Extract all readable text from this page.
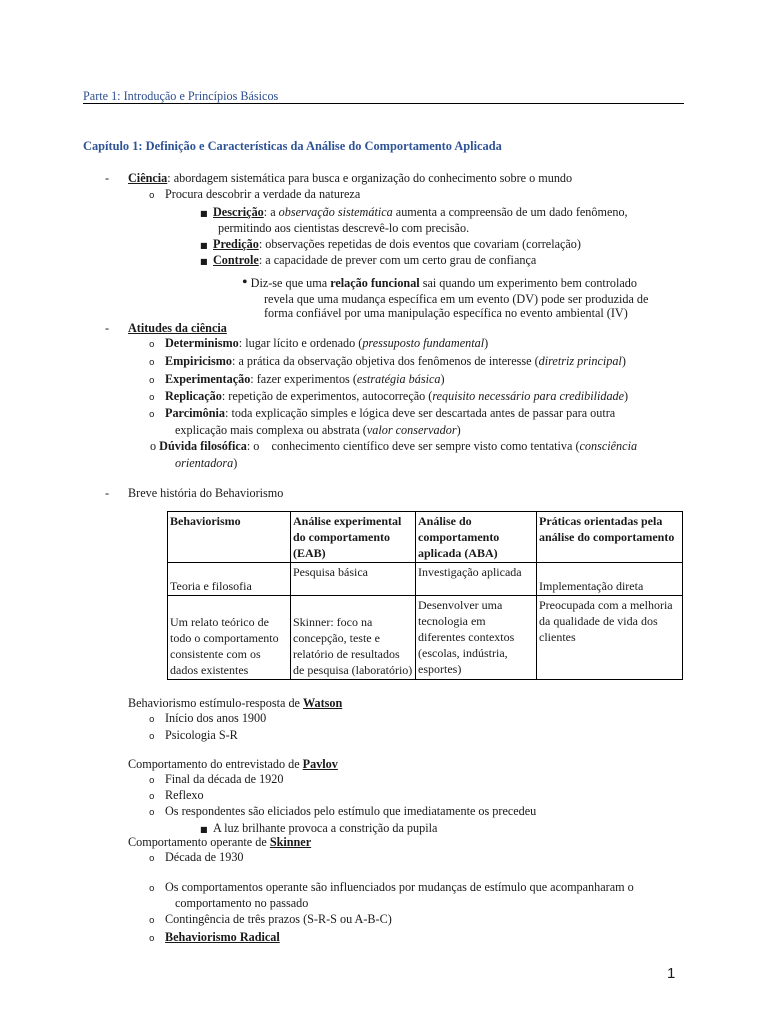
Parte 1: Introdução e Princípios Básicos
Capítulo 1: Definição e Características da Análise do Comportamento Aplicada
- Ciência: abordagem sistemática para busca e organização do conhecimento sobre o mundo
o Procura descobrir a verdade da natureza
■ Descrição: a observação sistemática aumenta a compreensão de um dado fenômeno,
permitindo aos cientistas descrevê-lo com precisão.
■ Predição: observações repetidas de dois eventos que covariam (correlação)
■ Controle: a capacidade de prever com um certo grau de confiança
• Diz-se que uma relação funcional sai quando um experimento bem controlado
revela que uma mudança específica em um evento (DV) pode ser produzida de
forma confiável por uma manipulação específica no evento ambiental (IV)
- Atitudes da ciência
o Determinismo: lugar lícito e ordenado (pressuposto fundamental)
o Empiricismo: a prática da observação objetiva dos fenômenos de interesse (diretriz principal)
o Experimentação: fazer experimentos (estratégia básica)
o Replicação: repetição de experimentos, autocorreção (requisito necessário para credibilidade)
o Parcimônia: toda explicação simples e lógica deve ser descartada antes de passar para outra
explicação mais complexa ou abstrata (valor conservador)
o Dúvida filosófica: o    conhecimento científico deve ser sempre visto como tentativa (consciência
orientadora)
- Breve história do Behaviorismo
Behaviorismo	Análise experimental do comportamento (EAB)	Análise do comportamento aplicada (ABA)	Práticas orientadas pela análise do comportamento
Teoria e filosofia	Pesquisa básica	Investigação aplicada	Implementação direta
Um relato teórico de todo o comportamento consistente com os dados existentes	Skinner: foco na concepção, teste e relatório de resultados de pesquisa (laboratório)	Desenvolver uma tecnologia em diferentes contextos (escolas, indústria, esportes)	Preocupada com a melhoria da qualidade de vida dos clientes
Behaviorismo estímulo-resposta de Watson
o Início dos anos 1900
o Psicologia S-R
Comportamento do entrevistado de Pavlov
o Final da década de 1920
o Reflexo
o Os respondentes são eliciados pelo estímulo que imediatamente os precedeu
■ A luz brilhante provoca a constrição da pupila
Comportamento operante de Skinner
o Década de 1930
o Os comportamentos operante são influenciados por mudanças de estímulo que acompanharam o
comportamento no passado
o Contingência de três prazos (S-R-S ou A-B-C)
o Behaviorismo Radical
1
